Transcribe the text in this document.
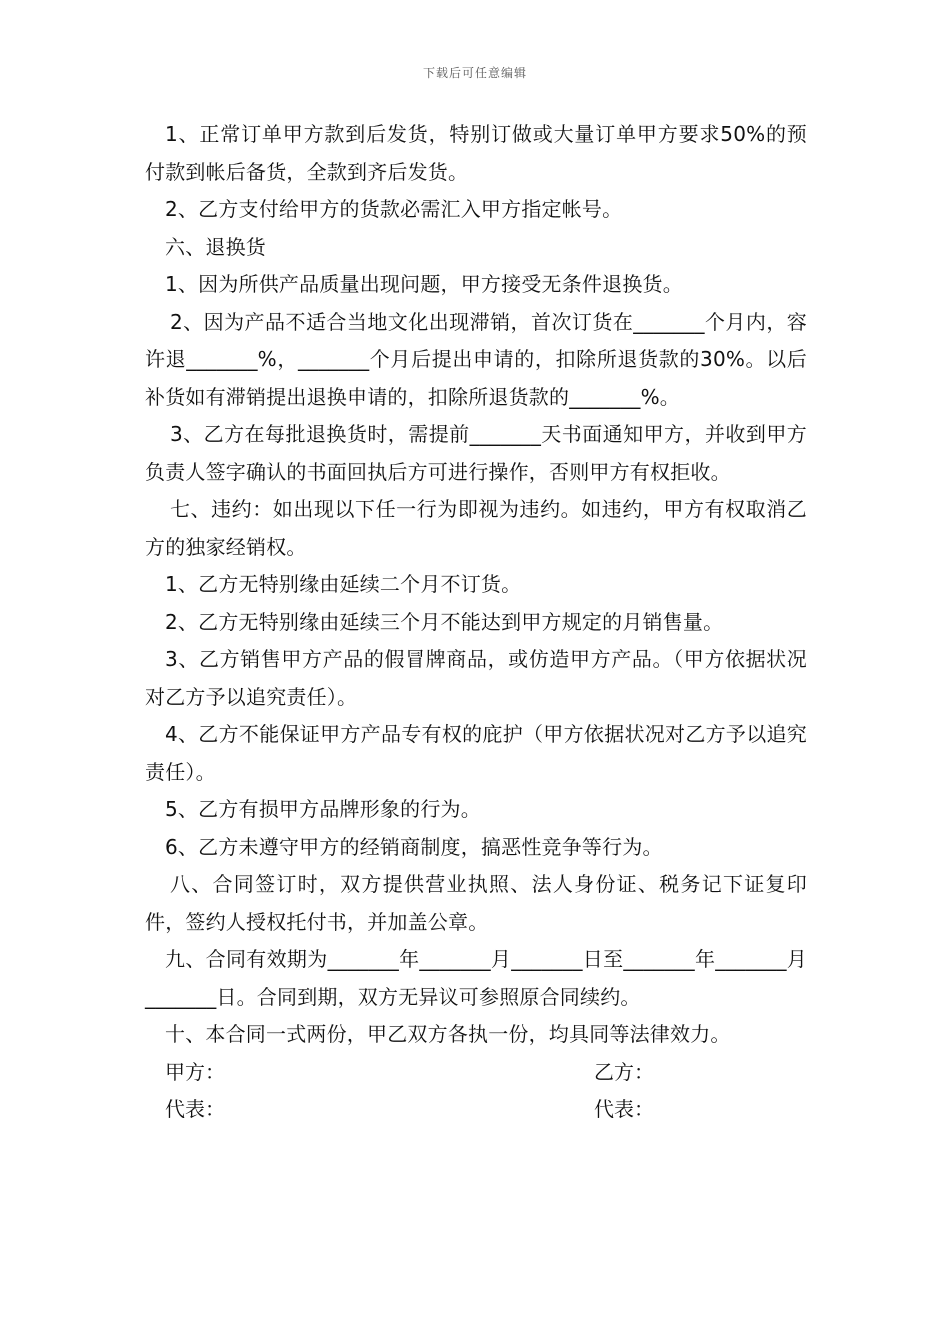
下载后可任意编辑

1、正常订单甲方款到后发货，特别订做或大量订单甲方要求50%的预付款到帐后备货，全款到齐后发货。

2、乙方支付给甲方的货款必需汇入甲方指定帐号。

六、退换货

1、因为所供产品质量出现问题，甲方接受无条件退换货。

2、因为产品不适合当地文化出现滞销，首次订货在_______个月内，容许退_______%，_______个月后提出申请的，扣除所退货款的30%。以后补货如有滞销提出退换申请的，扣除所退货款的_______%。

3、乙方在每批退换货时，需提前_______天书面通知甲方，并收到甲方负责人签字确认的书面回执后方可进行操作，否则甲方有权拒收。

七、违约：如出现以下任一行为即视为违约。如违约，甲方有权取消乙方的独家经销权。

1、乙方无特别缘由延续二个月不订货。

2、乙方无特别缘由延续三个月不能达到甲方规定的月销售量。

3、乙方销售甲方产品的假冒牌商品，或仿造甲方产品。（甲方依据状况对乙方予以追究责任）。

4、乙方不能保证甲方产品专有权的庇护（甲方依据状况对乙方予以追究责任）。

5、乙方有损甲方品牌形象的行为。

6、乙方未遵守甲方的经销商制度，搞恶性竞争等行为。

八、合同签订时，双方提供营业执照、法人身份证、税务记下证复印件，签约人授权托付书，并加盖公章。

九、合同有效期为_______年_______月_______日至_______年_______月_______日。合同到期，双方无异议可参照原合同续约。

十、本合同一式两份，甲乙双方各执一份，均具同等法律效力。

甲方：	乙方：
代表：	代表：
